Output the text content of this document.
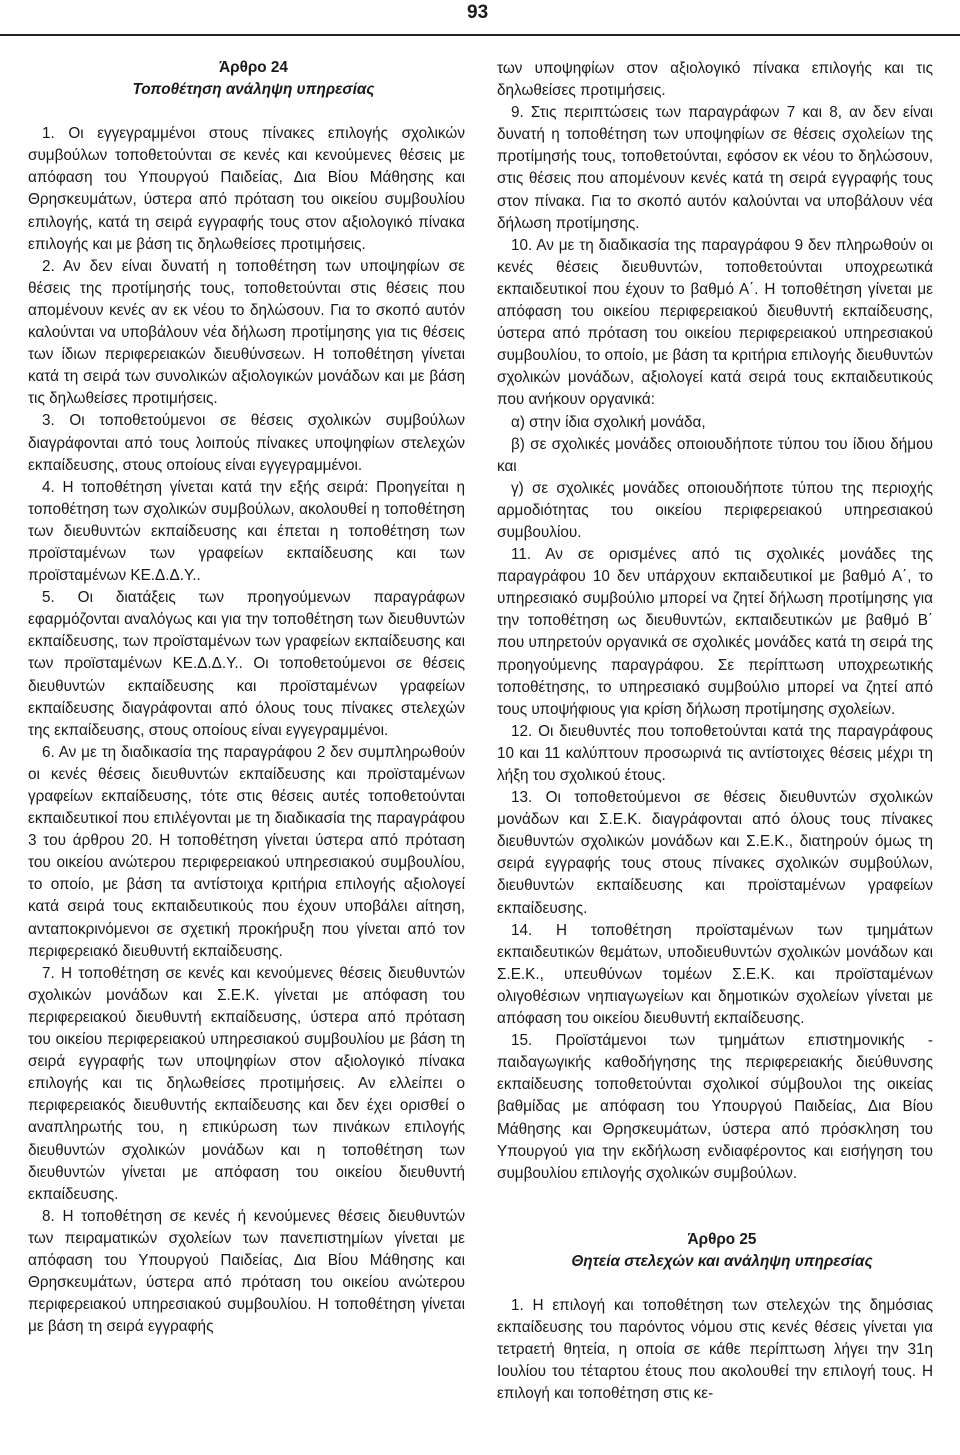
93

Άρθρο 24

Τοποθέτηση ανάληψη υπηρεσίας

1. Οι εγγεγραμμένοι στους πίνακες επιλογής σχολικών συμβούλων τοποθετούνται σε κενές και κενούμενες θέσεις με απόφαση του Υπουργού Παιδείας, Δια Βίου Μάθησης και Θρησκευμάτων, ύστερα από πρόταση του οικείου συμβουλίου επιλογής, κατά τη σειρά εγγραφής τους στον αξιολογικό πίνακα επιλογής και με βάση τις δηλωθείσες προτιμήσεις.

2. Αν δεν είναι δυνατή η τοποθέτηση των υποψηφίων σε θέσεις της προτίμησής τους, τοποθετούνται στις θέσεις που απομένουν κενές αν εκ νέου το δηλώσουν. Για το σκοπό αυτόν καλούνται να υποβάλουν νέα δήλωση προτίμησης για τις θέσεις των ίδιων περιφερειακών διευθύνσεων. Η τοποθέτηση γίνεται κατά τη σειρά των συνολικών αξιολογικών μονάδων και με βάση τις δηλωθείσες προτιμήσεις.

3. Οι τοποθετούμενοι σε θέσεις σχολικών συμβούλων διαγράφονται από τους λοιπούς πίνακες υποψηφίων στελεχών εκπαίδευσης, στους οποίους είναι εγγεγραμμένοι.

4. Η τοποθέτηση γίνεται κατά την εξής σειρά: Προηγείται η τοποθέτηση των σχολικών συμβούλων, ακολουθεί η τοποθέτηση των διευθυντών εκπαίδευσης και έπεται η τοποθέτηση των προϊσταμένων των γραφείων εκπαίδευσης και των προϊσταμένων ΚΕ.Δ.Δ.Υ..

5. Οι διατάξεις των προηγούμενων παραγράφων εφαρμόζονται αναλόγως και για την τοποθέτηση των διευθυντών εκπαίδευσης, των προϊσταμένων των γραφείων εκπαίδευσης και των προϊσταμένων ΚΕ.Δ.Δ.Υ.. Οι τοποθετούμενοι σε θέσεις διευθυντών εκπαίδευσης και προϊσταμένων γραφείων εκπαίδευσης διαγράφονται από όλους τους πίνακες στελεχών της εκπαίδευσης, στους οποίους είναι εγγεγραμμένοι.

6. Αν με τη διαδικασία της παραγράφου 2 δεν συμπληρωθούν οι κενές θέσεις διευθυντών εκπαίδευσης και προϊσταμένων γραφείων εκπαίδευσης, τότε στις θέσεις αυτές τοποθετούνται εκπαιδευτικοί που επιλέγονται με τη διαδικασία της παραγράφου 3 του άρθρου 20. Η τοποθέτηση γίνεται ύστερα από πρόταση του οικείου ανώτερου περιφερειακού υπηρεσιακού συμβουλίου, το οποίο, με βάση τα αντίστοιχα κριτήρια επιλογής αξιολογεί κατά σειρά τους εκπαιδευτικούς που έχουν υποβάλει αίτηση, ανταποκρινόμενοι σε σχετική προκήρυξη που γίνεται από τον περιφερειακό διευθυντή εκπαίδευσης.

7. Η τοποθέτηση σε κενές και κενούμενες θέσεις διευθυντών σχολικών μονάδων και Σ.Ε.Κ. γίνεται με απόφαση του περιφερειακού διευθυντή εκπαίδευσης, ύστερα από πρόταση του οικείου περιφερειακού υπηρεσιακού συμβουλίου με βάση τη σειρά εγγραφής των υποψηφίων στον αξιολογικό πίνακα επιλογής και τις δηλωθείσες προτιμήσεις. Αν ελλείπει ο περιφερειακός διευθυντής εκπαίδευσης και δεν έχει ορισθεί ο αναπληρωτής του, η επικύρωση των πινάκων επιλογής διευθυντών σχολικών μονάδων και η τοποθέτηση των διευθυντών γίνεται με απόφαση του οικείου διευθυντή εκπαίδευσης.

8. Η τοποθέτηση σε κενές ή κενούμενες θέσεις διευθυντών των πειραματικών σχολείων των πανεπιστημίων γίνεται με απόφαση του Υπουργού Παιδείας, Δια Βίου Μάθησης και Θρησκευμάτων, ύστερα από πρόταση του οικείου ανώτερου περιφερειακού υπηρεσιακού συμβουλίου. Η τοποθέτηση γίνεται με βάση τη σειρά εγγραφής

των υποψηφίων στον αξιολογικό πίνακα επιλογής και τις δηλωθείσες προτιμήσεις.

9. Στις περιπτώσεις των παραγράφων 7 και 8, αν δεν είναι δυνατή η τοποθέτηση των υποψηφίων σε θέσεις σχολείων της προτίμησής τους, τοποθετούνται, εφόσον εκ νέου το δηλώσουν, στις θέσεις που απομένουν κενές κατά τη σειρά εγγραφής τους στον πίνακα. Για το σκοπό αυτόν καλούνται να υποβάλουν νέα δήλωση προτίμησης.

10. Αν με τη διαδικασία της παραγράφου 9 δεν πληρωθούν οι κενές θέσεις διευθυντών, τοποθετούνται υποχρεωτικά εκπαιδευτικοί που έχουν το βαθμό Α΄. Η τοποθέτηση γίνεται με απόφαση του οικείου περιφερειακού διευθυντή εκπαίδευσης, ύστερα από πρόταση του οικείου περιφερειακού υπηρεσιακού συμβουλίου, το οποίο, με βάση τα κριτήρια επιλογής διευθυντών σχολικών μονάδων, αξιολογεί κατά σειρά τους εκπαιδευτικούς που ανήκουν οργανικά:

α) στην ίδια σχολική μονάδα,

β) σε σχολικές μονάδες οποιουδήποτε τύπου του ίδιου δήμου και

γ) σε σχολικές μονάδες οποιουδήποτε τύπου της περιοχής αρμοδιότητας του οικείου περιφερειακού υπηρεσιακού συμβουλίου.

11. Αν σε ορισμένες από τις σχολικές μονάδες της παραγράφου 10 δεν υπάρχουν εκπαιδευτικοί με βαθμό Α΄, το υπηρεσιακό συμβούλιο μπορεί να ζητεί δήλωση προτίμησης για την τοποθέτηση ως διευθυντών, εκπαιδευτικών με βαθμό Β΄ που υπηρετούν οργανικά σε σχολικές μονάδες κατά τη σειρά της προηγούμενης παραγράφου. Σε περίπτωση υποχρεωτικής τοποθέτησης, το υπηρεσιακό συμβούλιο μπορεί να ζητεί από τους υποψήφιους για κρίση δήλωση προτίμησης σχολείων.

12. Οι διευθυντές που τοποθετούνται κατά της παραγράφους 10 και 11 καλύπτουν προσωρινά τις αντίστοιχες θέσεις μέχρι τη λήξη του σχολικού έτους.

13. Οι τοποθετούμενοι σε θέσεις διευθυντών σχολικών μονάδων και Σ.Ε.Κ. διαγράφονται από όλους τους πίνακες διευθυντών σχολικών μονάδων και Σ.Ε.Κ., διατηρούν όμως τη σειρά εγγραφής τους στους πίνακες σχολικών συμβούλων, διευθυντών εκπαίδευσης και προϊσταμένων γραφείων εκπαίδευσης.

14. Η τοποθέτηση προϊσταμένων των τμημάτων εκπαιδευτικών θεμάτων, υποδιευθυντών σχολικών μονάδων και Σ.Ε.Κ., υπευθύνων τομέων Σ.Ε.Κ. και προϊσταμένων ολιγοθέσιων νηπιαγωγείων και δημοτικών σχολείων γίνεται με απόφαση του οικείου διευθυντή εκπαίδευσης.

15. Προϊστάμενοι των τμημάτων επιστημονικής - παιδαγωγικής καθοδήγησης της περιφερειακής διεύθυνσης εκπαίδευσης τοποθετούνται σχολικοί σύμβουλοι της οικείας βαθμίδας με απόφαση του Υπουργού Παιδείας, Δια Βίου Μάθησης και Θρησκευμάτων, ύστερα από πρόσκληση του Υπουργού για την εκδήλωση ενδιαφέροντος και εισήγηση του συμβουλίου επιλογής σχολικών συμβούλων.

Άρθρο 25

Θητεία στελεχών και ανάληψη υπηρεσίας

1. Η επιλογή και τοποθέτηση των στελεχών της δημόσιας εκπαίδευσης του παρόντος νόμου στις κενές θέσεις γίνεται για τετραετή θητεία, η οποία σε κάθε περίπτωση λήγει την 31η Ιουλίου του τέταρτου έτους που ακολουθεί την επιλογή τους. Η επιλογή και τοποθέτηση στις κε-
